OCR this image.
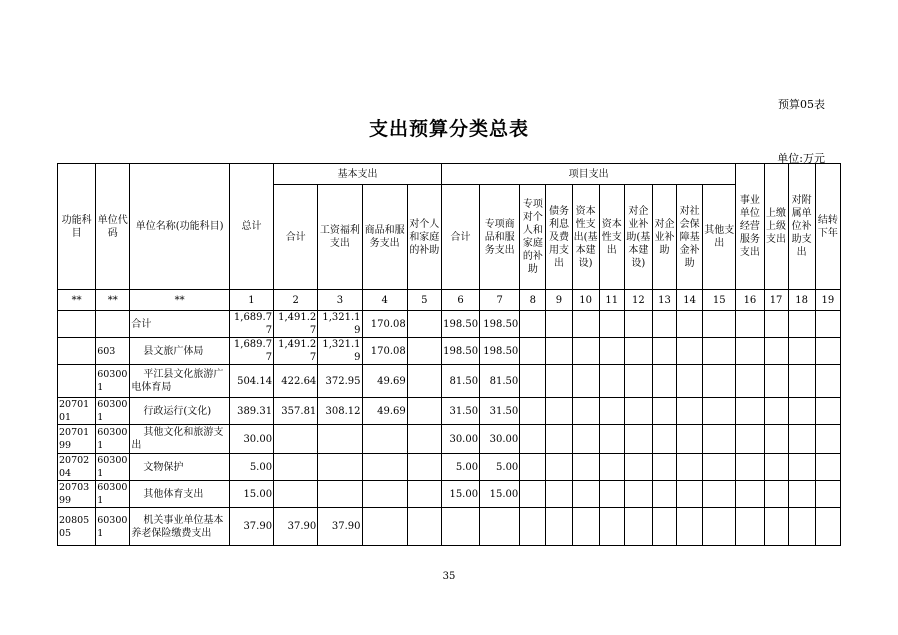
预算05表
支出预算分类总表
单位:万元
功能科目	单位代码	单位名称(功能科目)	总计	基本支出				项目支出										事业单位经营服务支出	上缴上级支出	对附属单位补助支出	结转下年
				合计	工资福利支出	商品和服务支出	对个人和家庭的补助	合计	专项商品和服务支出	专项对个人和家庭的补助	债务利息及费用支出	资本性支出(基本建设)	资本性支出	对企业补助(基本建设)	对企业补助	对社会保障基金补助	其他支出				
**	**	**	1	2	3	4	5	6	7	8	9	10	11	12	13	14	15	16	17	18	19
		合计	1,689.77	1,491.27	1,321.19	170.08		198.50	198.50												
	603	县文旅广体局	1,689.77	1,491.27	1,321.19	170.08		198.50	198.50												
	603001	平江县文化旅游广电体育局	504.14	422.64	372.95	49.69		81.50	81.50												
2070101	603001	行政运行(文化)	389.31	357.81	308.12	49.69		31.50	31.50												
2070199	603001	其他文化和旅游支出	30.00					30.00	30.00												
2070204	603001	文物保护	5.00					5.00	5.00												
2070399	603001	其他体育支出	15.00					15.00	15.00												
2080505	603001	机关事业单位基本养老保险缴费支出	37.90	37.90	37.90																
35
